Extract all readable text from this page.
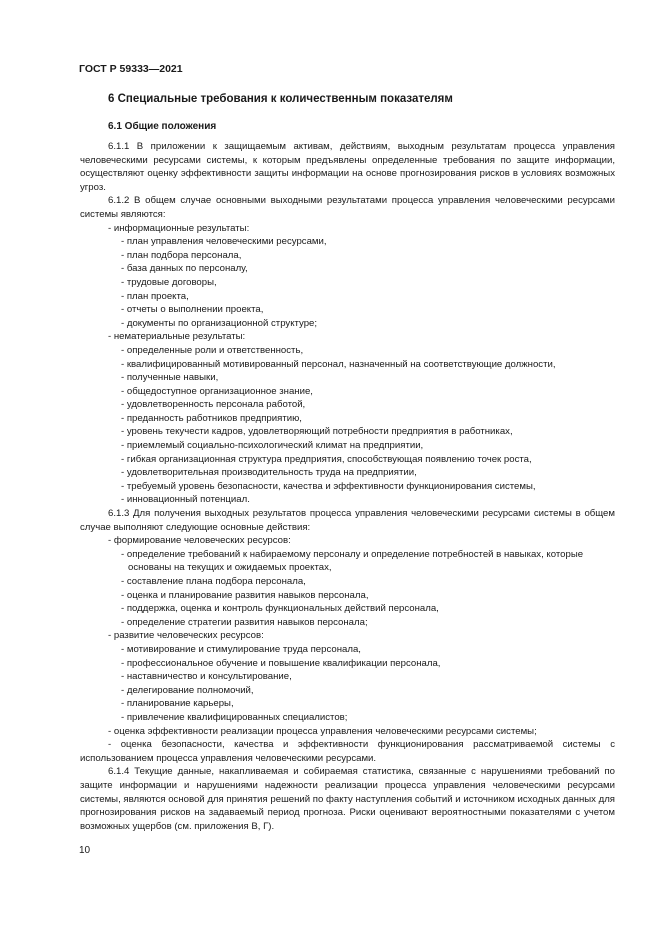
ГОСТ Р 59333—2021
6 Специальные требования к количественным показателям
6.1 Общие положения

6.1.1 В приложении к защищаемым активам, действиям, выходным результатам процесса управления человеческими ресурсами системы, к которым предъявлены определенные требования по защите информации, осуществляют оценку эффективности защиты информации на основе прогнозирования рисков в условиях возможных угроз.

6.1.2 В общем случае основными выходными результатами процесса управления человеческими ресурсами системы являются:

- информационные результаты:

- план управления человеческими ресурсами,

- план подбора персонала,

- база данных по персоналу,

- трудовые договоры,

- план проекта,

- отчеты о выполнении проекта,

- документы по организационной структуре;

- нематериальные результаты:

- определенные роли и ответственность,

- квалифицированный мотивированный персонал, назначенный на соответствующие должности,

- полученные навыки,

- общедоступное организационное знание,

- удовлетворенность персонала работой,

- преданность работников предприятию,

- уровень текучести кадров, удовлетворяющий потребности предприятия в работниках,

- приемлемый социально-психологический климат на предприятии,

- гибкая организационная структура предприятия, способствующая появлению точек роста,

- удовлетворительная производительность труда на предприятии,

- требуемый уровень безопасности, качества и эффективности функционирования системы,

- инновационный потенциал.

6.1.3 Для получения выходных результатов процесса управления человеческими ресурсами системы в общем случае выполняют следующие основные действия:

- формирование человеческих ресурсов:

- определение требований к набираемому персоналу и определение потребностей в навыках, которые основаны на текущих и ожидаемых проектах,

- составление плана подбора персонала,

- оценка и планирование развития навыков персонала,

- поддержка, оценка и контроль функциональных действий персонала,

- определение стратегии развития навыков персонала;

- развитие человеческих ресурсов:

- мотивирование и стимулирование труда персонала,

- профессиональное обучение и повышение квалификации персонала,

- наставничество и консультирование,

- делегирование полномочий,

- планирование карьеры,

- привлечение квалифицированных специалистов;

- оценка эффективности реализации процесса управления человеческими ресурсами системы;

- оценка безопасности, качества и эффективности функционирования рассматриваемой системы с использованием процесса управления человеческими ресурсами.

6.1.4 Текущие данные, накапливаемая и собираемая статистика, связанные с нарушениями требований по защите информации и нарушениями надежности реализации процесса управления человеческими ресурсами системы, являются основой для принятия решений по факту наступления событий и источником исходных данных для прогнозирования рисков на задаваемый период прогноза. Риски оценивают вероятностными показателями с учетом возможных ущербов (см. приложения В, Г).

10
